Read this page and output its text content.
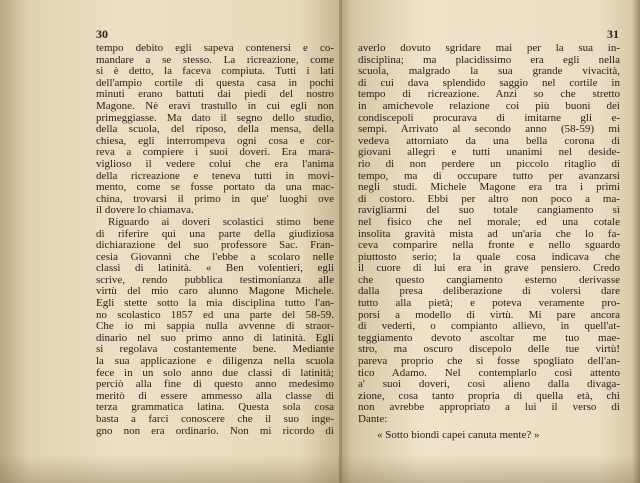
30
tempo debito egli sapeva contenersi e co-
mandare a se stesso. La ricreazione, come
si è detto, la faceva compiuta. Tutti i lati
dell'ampio cortile di questa casa in pochi
minuti erano battuti dai piedi del nostro
Magone. Nè eravi trastullo in cui egli non
primeggiasse. Ma dato il segno dello studio,
della scuola, del riposo, della mensa, della
chiesa, egli interrompeva ogni cosa e cor-
reva a compiere i suoi doveri. Era mara-
viglioso il vedere colui che era l'anima
della ricreazione e teneva tutti in movi-
mento, come se fosse portato da una mac-
china, trovarsi il primo in que' luoghi ove
il dovere lo chiamava.
Riguardo ai doveri scolastici stimo bene
di riferire qui una parte della giudiziosa
dichiarazione del suo professore Sac. Fran-
cesia Giovanni che l'ebbe a scolaro nelle
classi di latinità. « Ben volentieri, egli
scrive, rendo pubblica testimonianza alle
virtù del mio caro alunno Magone Michele.
Egli stette sotto la mia disciplina tutto l'an-
no scolastico 1857 ed una parte del 58-59.
Che io mi sappia nulla avvenne di straor-
dinario nel suo primo anno di latinità. Egli
si regolava costantemente bene. Mediante
la sua applicazione e diligenza nella scuola
fece in un solo anno due classi di latinità;
perciò alla fine di questo anno medesimo
meritò di essere ammesso alla classe di
terza grammatica latina. Questa sola cosa
basta a farci conoscere che il suo inge-
gno non era ordinario. Non mi ricordo di
31
averlo dovuto sgridare mai per la sua in-
disciplina; ma placidissimo era egli nella
scuola, malgrado la sua grande vivacità,
di cui dava splendido saggio nel cortile in
tempo di ricreazione. Anzi so che stretto
in amichevole relazione coi più buoni dei
condiscepoli procurava di imitarne gli e-
sempi. Arrivato al secondo anno (58-59) mi
vedeva attorniato da una bella corona di
giovani allegri e tutti unanimi nel deside-
rio di non perdere un piccolo ritaglio di
tempo, ma di occupare tutto per avanzarsi
negli studi. Michele Magone era tra i primi
di costoro. Ebbi per altro non poco a ma-
ravigliarmi del suo totale cangiamento sì
nel fisico che nel morale; ed una cotale
insolita gravità mista ad un'aria che lo fa-
ceva comparire nella fronte e nello sguardo
piuttosto serio; la quale cosa indicava che
il cuore di lui era in grave pensiero. Credo
che questo cangiamento esterno derivasse
dalla presa deliberazione di volersi dare
tutto alla pietà; e poteva veramente pro-
porsi a modello di virtù. Mi pare ancora
di vederti, o compianto allievo, in quell'at-
teggiamento devoto ascoltar me tuo mae-
stro, ma oscuro discepolo delle tue virtù!
pareva proprio che si fosse spogliato dell'an-
tico Adamo. Nel contemplarlo così attento
a' suoi doveri, così alieno dalla divaga-
zione, cosa tanto propria di quella età, chi
non avrebbe appropriato a lui il verso di
Dante:
« Sotto biondi capei canuta mente? »
